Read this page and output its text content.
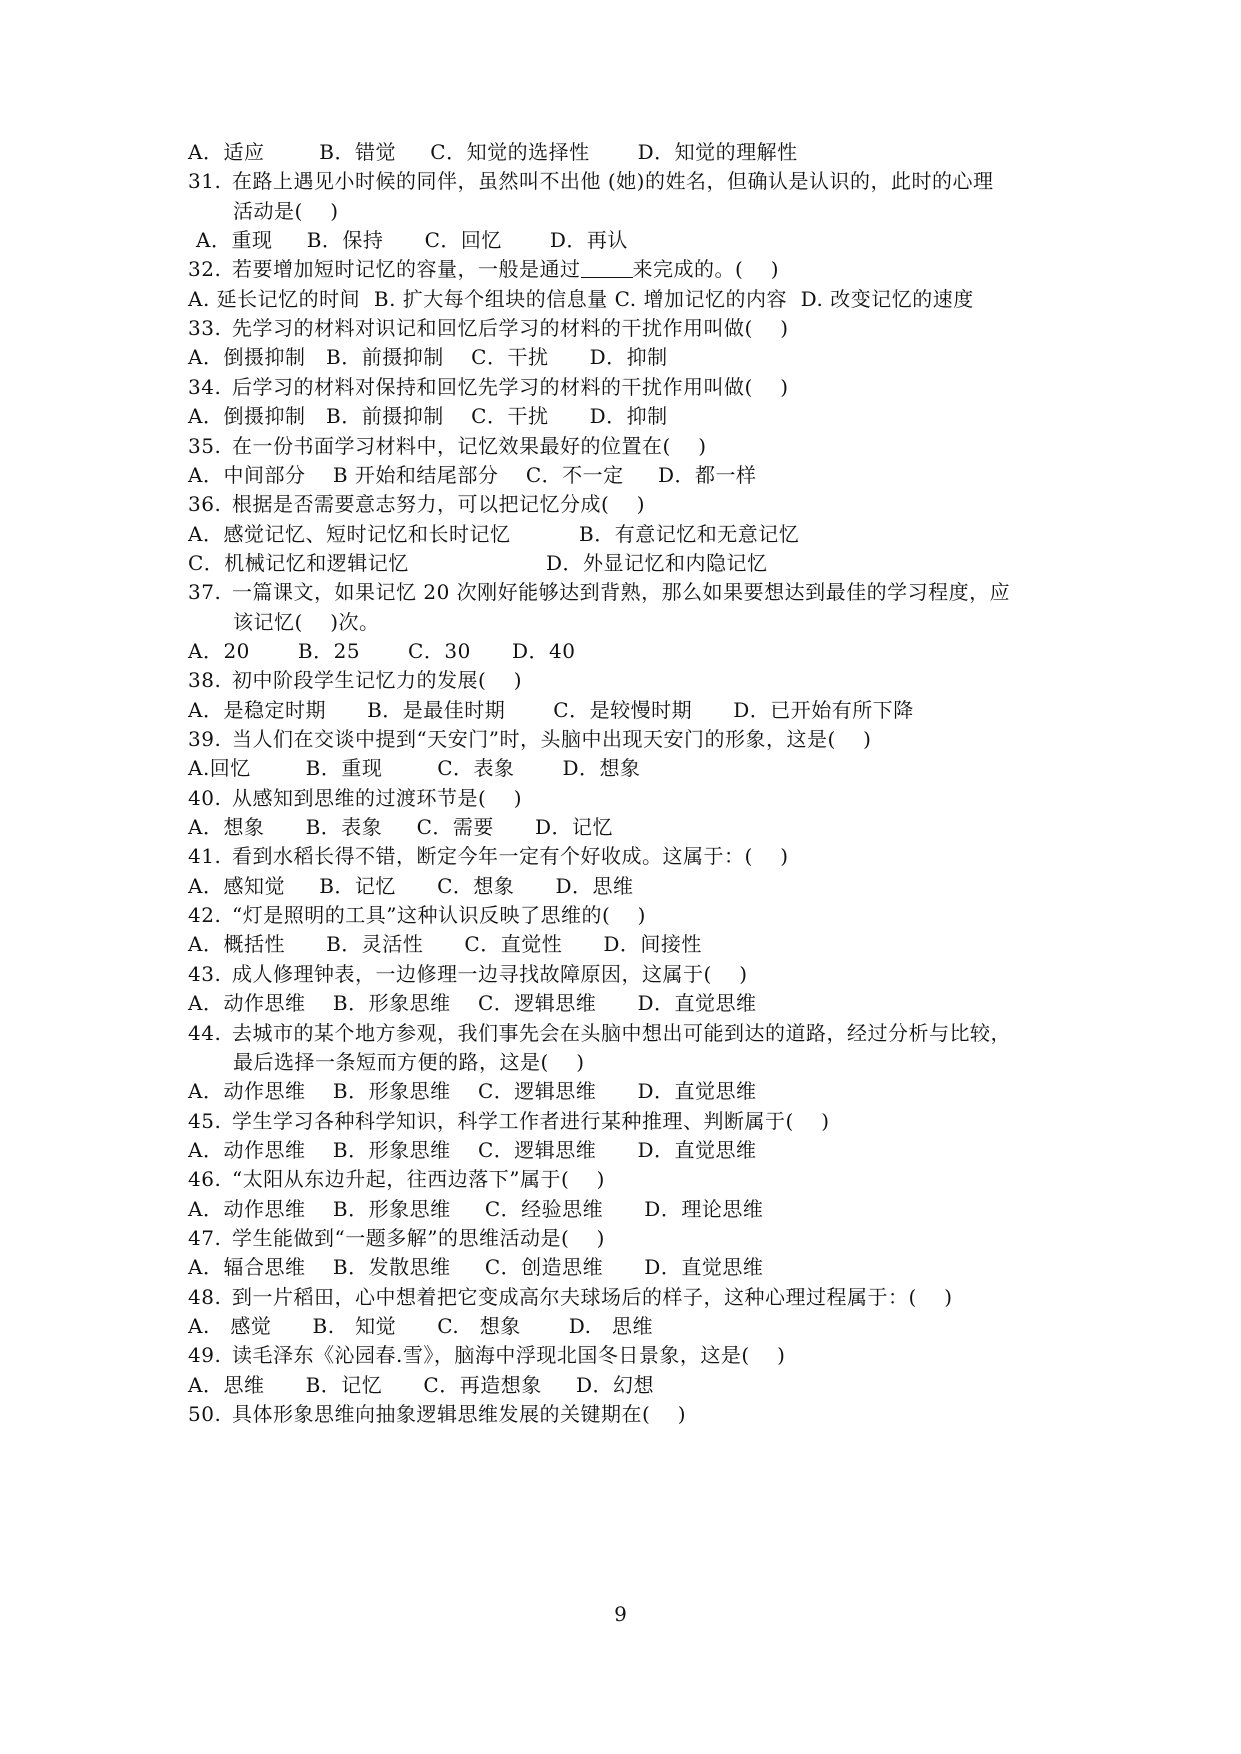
A．适应        B．错觉     C．知觉的选择性       D．知觉的理解性
31. 在路上遇见小时候的同伴，虽然叫不出他 (她)的姓名，但确认是认识的，此时的心理
活动是(    )
A．重现     B．保持      C．回忆       D．再认
32. 若要增加短时记忆的容量，一般是通过	来完成的。(    )
A. 延长记忆的时间  B. 扩大每个组块的信息量 C. 增加记忆的内容  D. 改变记忆的速度
33. 先学习的材料对识记和回忆后学习的材料的干扰作用叫做(    )
A．倒摄抑制   B．前摄抑制    C．干扰      D．抑制
34. 后学习的材料对保持和回忆先学习的材料的干扰作用叫做(    )
A．倒摄抑制   B．前摄抑制    C．干扰      D．抑制
35. 在一份书面学习材料中，记忆效果最好的位置在(    )
A．中间部分    B 开始和结尾部分    C．不一定     D．都一样
36. 根据是否需要意志努力，可以把记忆分成(    )
A．感觉记忆、短时记忆和长时记忆          B．有意记忆和无意记忆
C．机械记忆和逻辑记忆                    D．外显记忆和内隐记忆
37. 一篇课文，如果记忆 20 次刚好能够达到背熟，那么如果要想达到最佳的学习程度，应
该记忆(    )次。
A．20       B．25       C．30      D．40
38. 初中阶段学生记忆力的发展(    )
A．是稳定时期      B．是最佳时期       C．是较慢时期      D．已开始有所下降
39. 当人们在交谈中提到“天安门”时，头脑中出现天安门的形象，这是(    )
A.回忆        B．重现        C．表象       D．想象
40. 从感知到思维的过渡环节是(    )
A．想象      B．表象     C．需要      D．记忆
41. 看到水稻长得不错，断定今年一定有个好收成。这属于：(    )
A．感知觉     B．记忆      C．想象      D．思维
42. “灯是照明的工具”这种认识反映了思维的(    )
A．概括性      B．灵活性      C．直觉性      D．间接性
43. 成人修理钟表，一边修理一边寻找故障原因，这属于(    )
A．动作思维    B．形象思维    C．逻辑思维      D．直觉思维
44. 去城市的某个地方参观，我们事先会在头脑中想出可能到达的道路，经过分析与比较，
最后选择一条短而方便的路，这是(    )
A．动作思维    B．形象思维    C．逻辑思维      D．直觉思维
45. 学生学习各种科学知识，科学工作者进行某种推理、判断属于(    )
A．动作思维    B．形象思维    C．逻辑思维      D．直觉思维
46. “太阳从东边升起，往西边落下”属于(    )
A．动作思维    B．形象思维     C．经验思维      D．理论思维
47. 学生能做到“一题多解”的思维活动是(    )
A．辐合思维    B．发散思维     C．创造思维      D．直觉思维
48. 到一片稻田，心中想着把它变成高尔夫球场后的样子，这种心理过程属于：(    )
A.   感觉      B.   知觉      C.   想象       D.   思维
49. 读毛泽东《沁园春.雪》，脑海中浮现北国冬日景象，这是(    )
A．思维      B．记忆      C．再造想象     D．幻想
50. 具体形象思维向抽象逻辑思维发展的关键期在(    )
9
